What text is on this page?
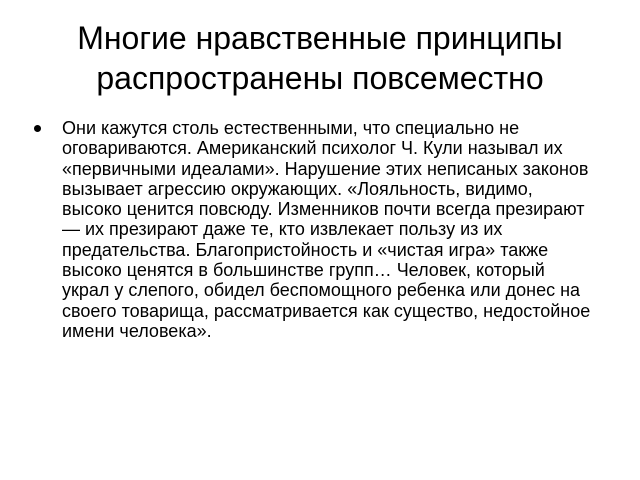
Многие нравственные принципы распространены повсеместно
Они кажутся столь естественными, что специально не оговариваются. Американский психолог Ч. Кули называл их «первичными идеалами». Нарушение этих неписаных законов вызывает агрессию окружающих. «Лояльность, видимо, высоко ценится повсюду. Изменников почти всегда презирают — их презирают даже те, кто извлекает пользу из их предательства. Благопристойность и «чистая игра» также высоко ценятся в большинстве групп… Человек, который украл у слепого, обидел беспомощного ребенка или донес на своего товарища, рассматривается как существо, недостойное имени человека».
